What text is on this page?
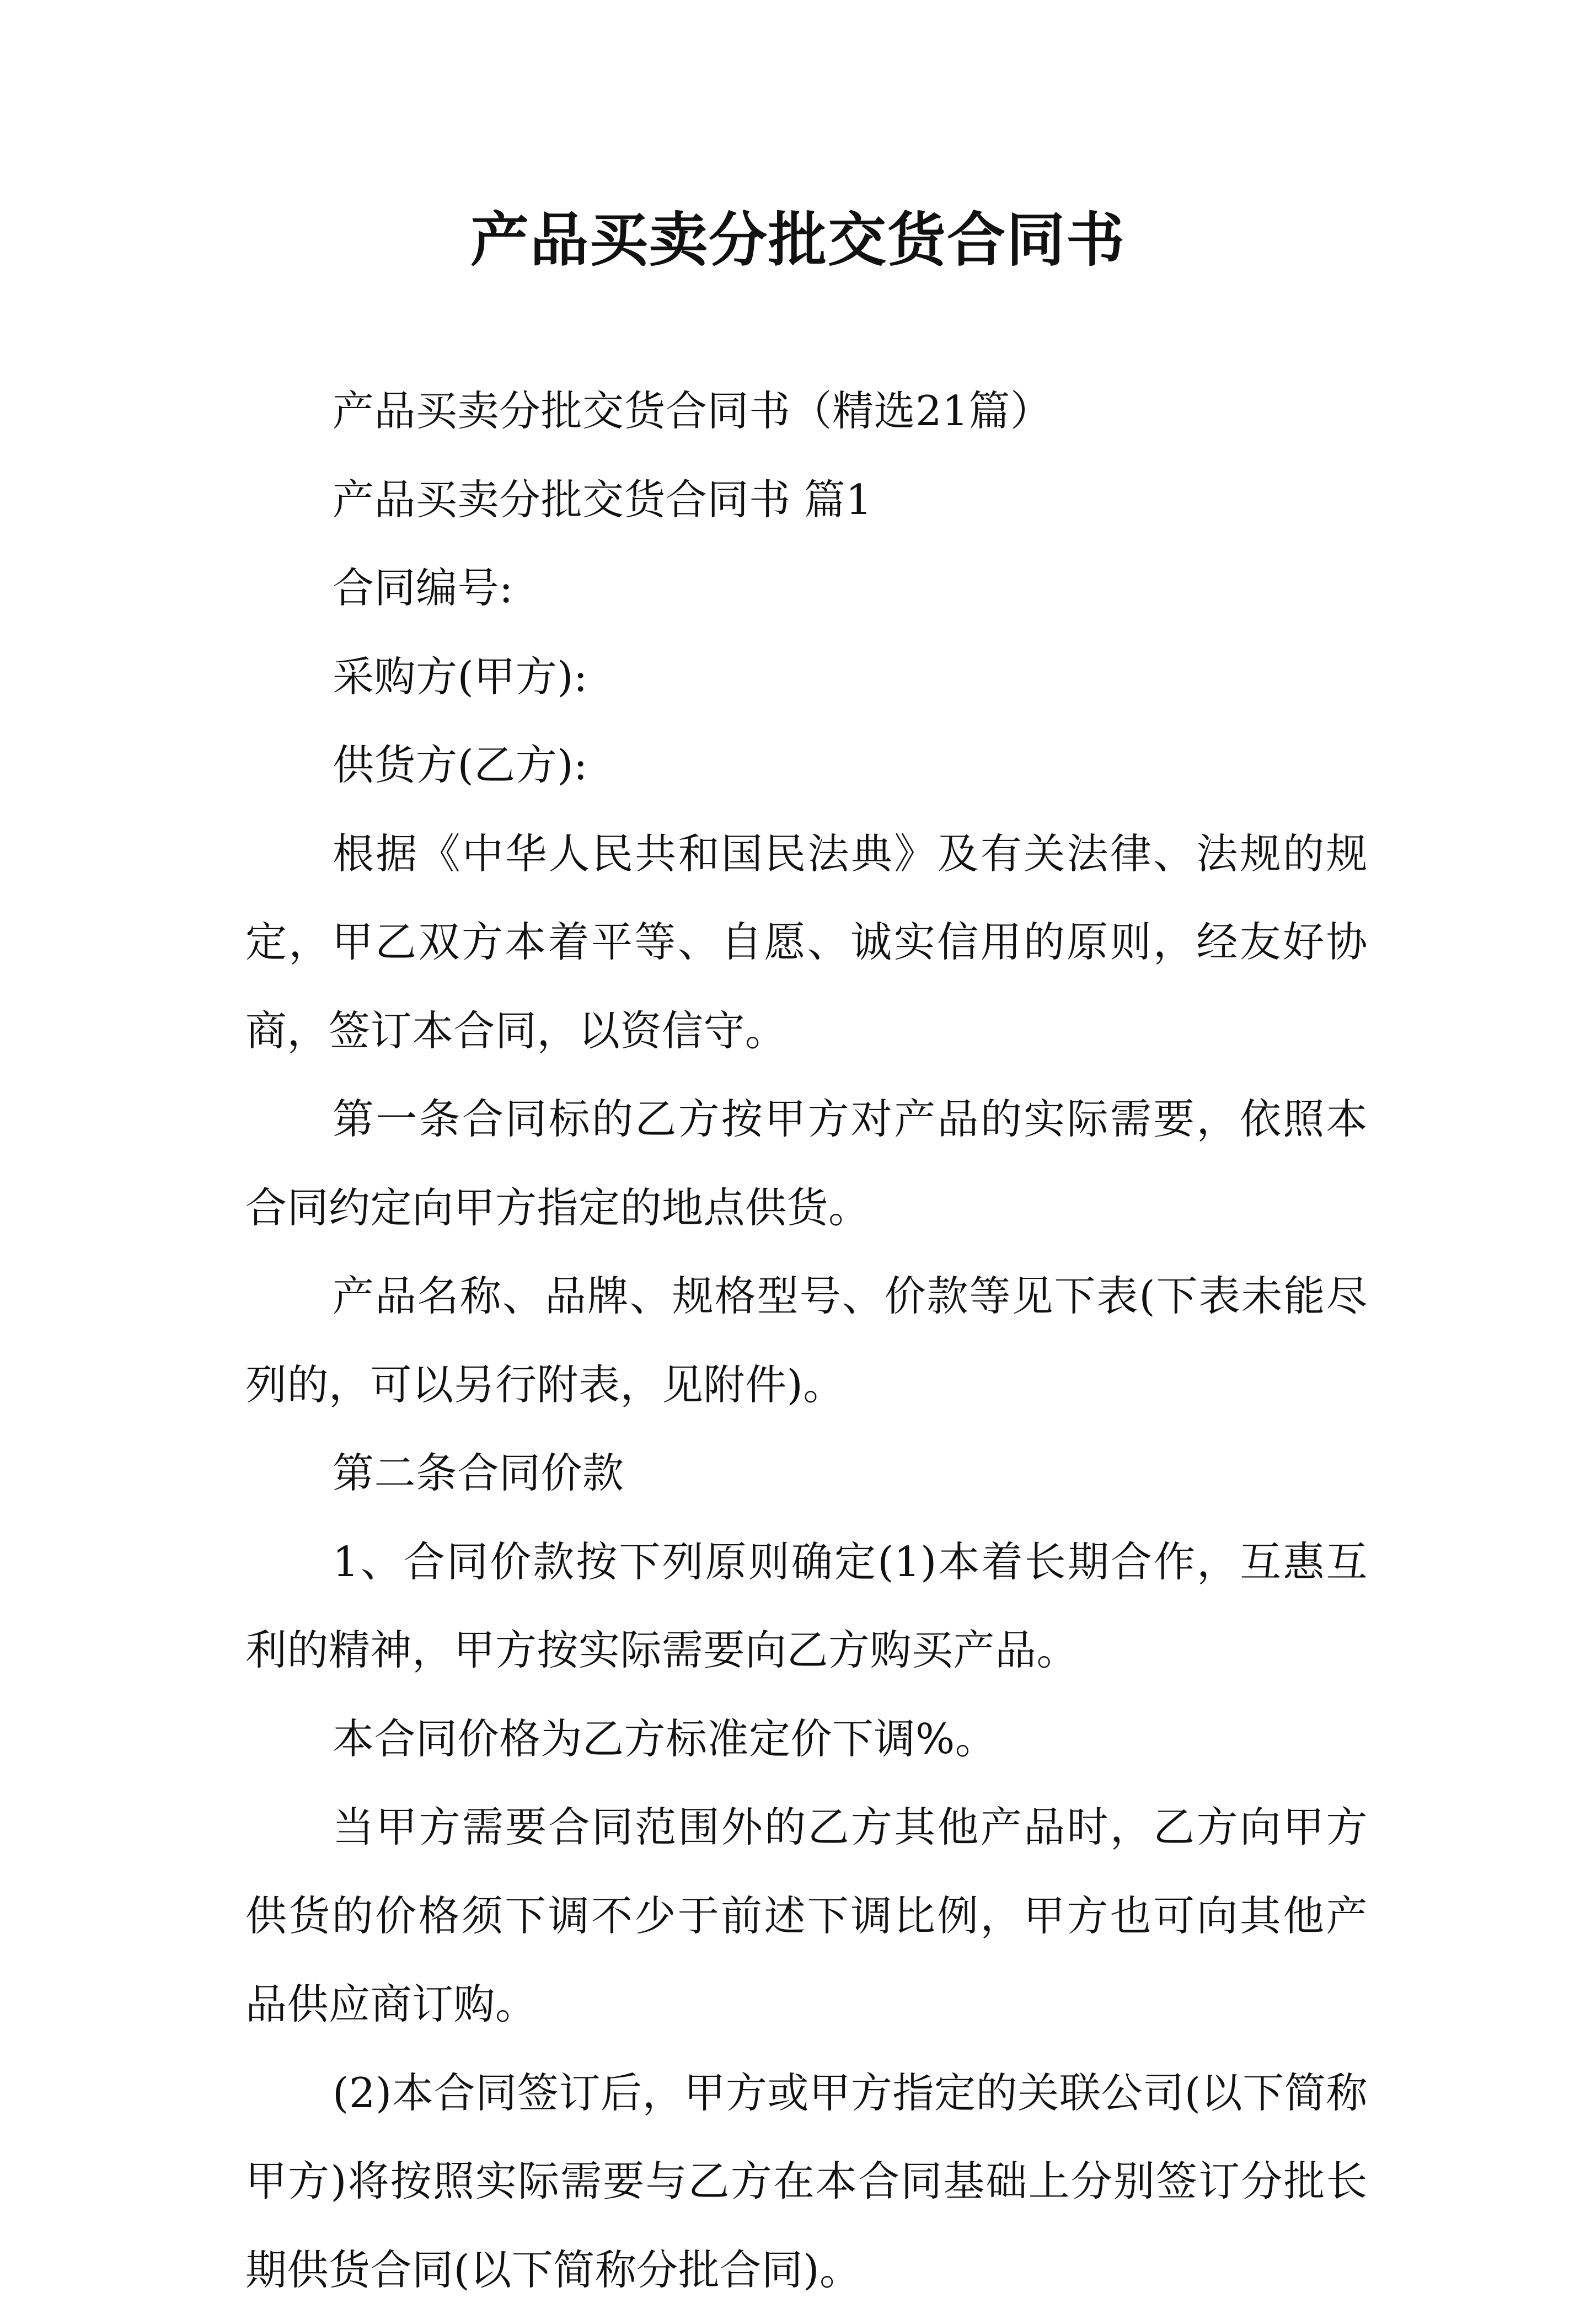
产品买卖分批交货合同书

产品买卖分批交货合同书（精选21篇）

产品买卖分批交货合同书 篇1

合同编号:

采购方(甲方):

供货方(乙方):

根据《中华人民共和国民法典》及有关法律、法规的规定，甲乙双方本着平等、自愿、诚实信用的原则，经友好协商，签订本合同，以资信守。

第一条合同标的乙方按甲方对产品的实际需要，依照本合同约定向甲方指定的地点供货。

产品名称、品牌、规格型号、价款等见下表(下表未能尽列的，可以另行附表，见附件)。

第二条合同价款

1、合同价款按下列原则确定(1)本着长期合作，互惠互利的精神，甲方按实际需要向乙方购买产品。

本合同价格为乙方标准定价下调%。

当甲方需要合同范围外的乙方其他产品时，乙方向甲方供货的价格须下调不少于前述下调比例，甲方也可向其他产品供应商订购。

(2)本合同签订后，甲方或甲方指定的关联公司(以下简称甲方)将按照实际需要与乙方在本合同基础上分别签订分批长期供货合同(以下简称分批合同)。
